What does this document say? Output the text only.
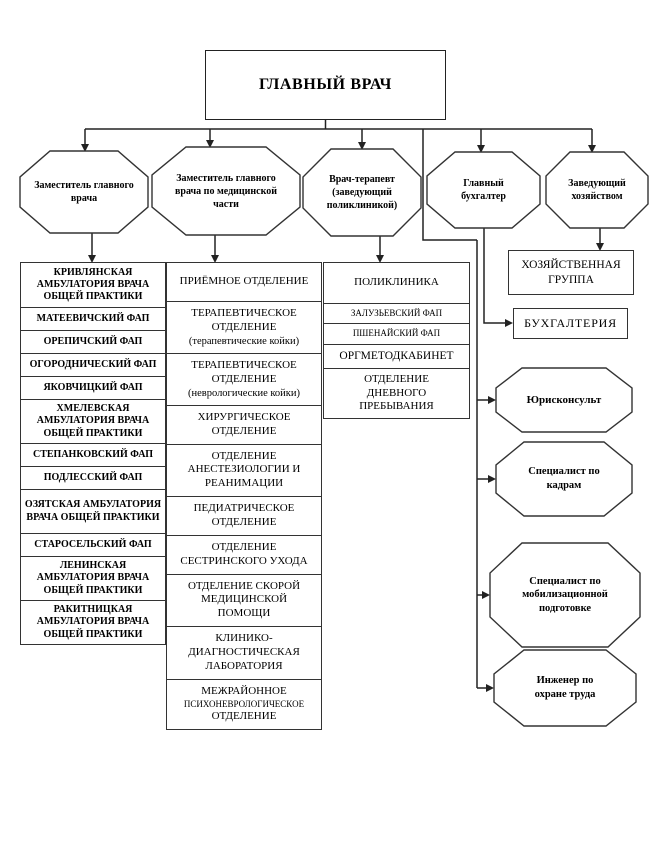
ГЛАВНЫЙ ВРАЧ
Заместитель главного врача
Заместитель главного врача по медицинской части
Врач-терапевт (заведующий поликлиникой)
Главный бухгалтер
Заведующий хозяйством
КРИВЛЯНСКАЯ АМБУЛАТОРИЯ ВРАЧА ОБЩЕЙ ПРАКТИКИ
МАТЕЕВИЧСКИЙ ФАП
ОРЕПИЧСКИЙ ФАП
ОГОРОДНИЧЕСКИЙ ФАП
ЯКОВЧИЦКИЙ ФАП
ХМЕЛЕВСКАЯ АМБУЛАТОРИЯ ВРАЧА ОБЩЕЙ ПРАКТИКИ
СТЕПАНКОВСКИЙ ФАП
ПОДЛЕССКИЙ ФАП
ОЗЯТСКАЯ АМБУЛАТОРИЯ ВРАЧА ОБЩЕЙ ПРАКТИКИ
СТАРОСЕЛЬСКИЙ ФАП
ЛЕНИНСКАЯ АМБУЛАТОРИЯ ВРАЧА ОБЩЕЙ ПРАКТИКИ
РАКИТНИЦКАЯ АМБУЛАТОРИЯ ВРАЧА ОБЩЕЙ ПРАКТИКИ
ПРИЁМНОЕ ОТДЕЛЕНИЕ
ТЕРАПЕВТИЧЕСКОЕ ОТДЕЛЕНИЕ
(терапевтические койки)
ТЕРАПЕВТИЧЕСКОЕ ОТДЕЛЕНИЕ
(неврологические койки)
ХИРУРГИЧЕСКОЕ ОТДЕЛЕНИЕ
ОТДЕЛЕНИЕ АНЕСТЕЗИОЛОГИИ И РЕАНИМАЦИИ
ПЕДИАТРИЧЕСКОЕ ОТДЕЛЕНИЕ
ОТДЕЛЕНИЕ СЕСТРИНСКОГО УХОДА
ОТДЕЛЕНИЕ СКОРОЙ МЕДИЦИНСКОЙ ПОМОЩИ
КЛИНИКО-ДИАГНОСТИЧЕСКАЯ ЛАБОРАТОРИЯ
МЕЖРАЙОННОЕ
ПСИХОНЕВРОЛОГИЧЕСКОЕ
ОТДЕЛЕНИЕ
ПОЛИКЛИНИКА
ЗАЛУЗЬЕВСКИЙ ФАП
ПШЕНАЙСКИЙ ФАП
ОРГМЕТОДКАБИНЕТ
ОТДЕЛЕНИЕ ДНЕВНОГО ПРЕБЫВАНИЯ
ХОЗЯЙСТВЕННАЯ ГРУППА
БУХГАЛТЕРИЯ
Юрисконсульт
Специалист по кадрам
Специалист по мобилизационной подготовке
Инженер по охране труда
